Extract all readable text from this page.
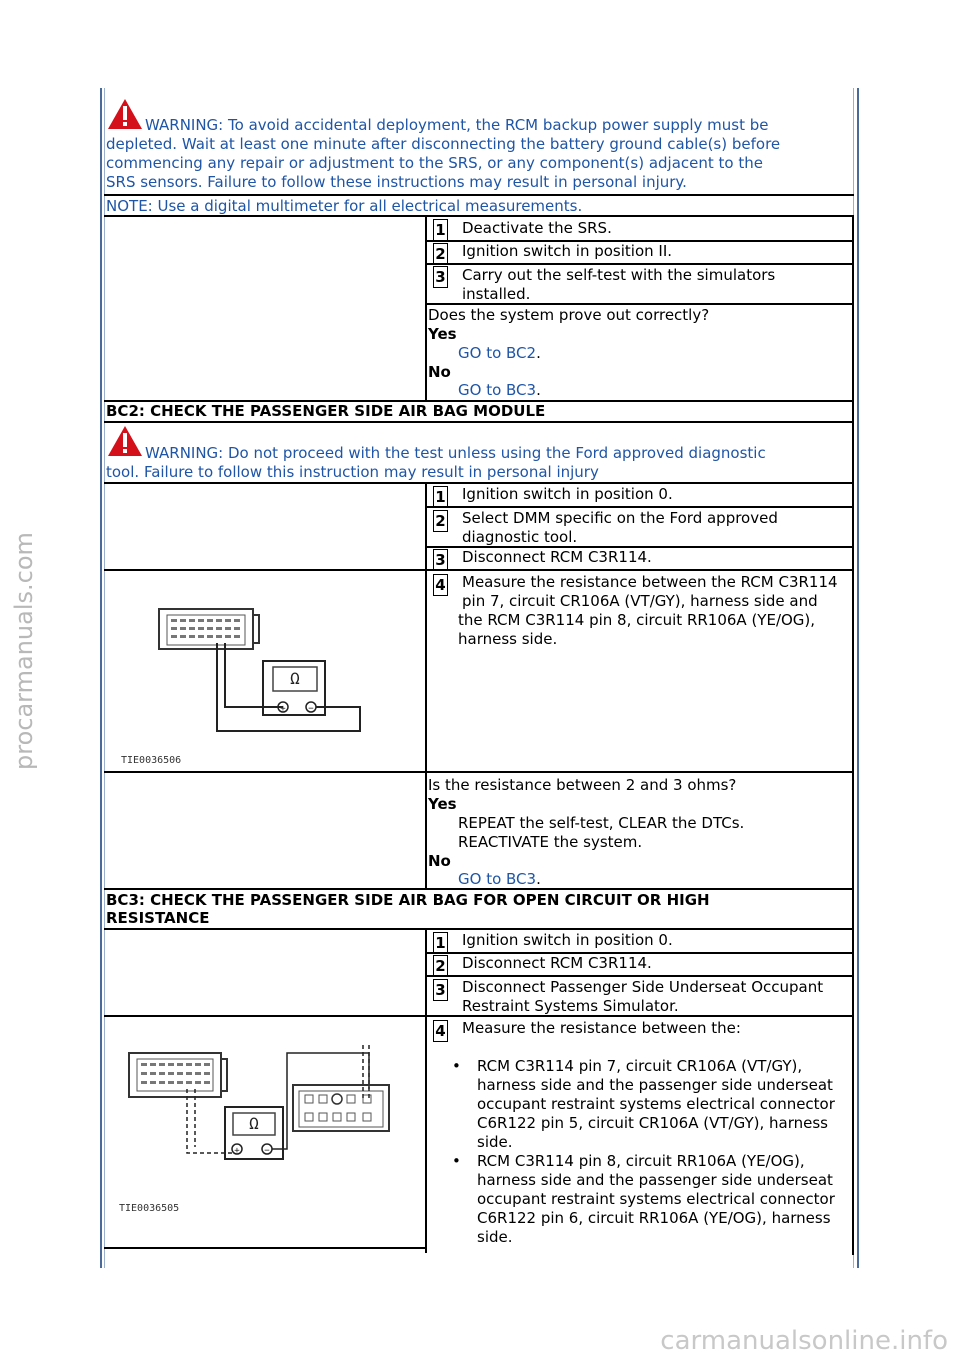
procarmanuals.com
WARNING: To avoid accidental deployment, the RCM backup power supply must be
depleted. Wait at least one minute after disconnecting the battery ground cable(s) before
commencing any repair or adjustment to the SRS, or any component(s) adjacent to the
SRS sensors. Failure to follow these instructions may result in personal injury.
NOTE: Use a digital multimeter for all electrical measurements.
1 Deactivate the SRS.
2 Ignition switch in position II.
3 Carry out the self-test with the simulators
installed.
Does the system prove out correctly?
Yes
GO to BC2.
No
GO to BC3.
BC2: CHECK THE PASSENGER SIDE AIR BAG MODULE
WARNING: Do not proceed with the test unless using the Ford approved diagnostic
tool. Failure to follow this instruction may result in personal injury
1 Ignition switch in position 0.
2 Select DMM specific on the Ford approved
diagnostic tool.
3 Disconnect RCM C3R114.
Ω
+	−
TIE0036506
4 Measure the resistance between the RCM C3R114
pin 7, circuit CR106A (VT/GY), harness side and
the RCM C3R114 pin 8, circuit RR106A (YE/OG),
harness side.
Is the resistance between 2 and 3 ohms?
Yes
REPEAT the self-test, CLEAR the DTCs.
REACTIVATE the system.
No
GO to BC3.
BC3: CHECK THE PASSENGER SIDE AIR BAG FOR OPEN CIRCUIT OR HIGH
RESISTANCE
1 Ignition switch in position 0.
2 Disconnect RCM C3R114.
3 Disconnect Passenger Side Underseat Occupant
Restraint Systems Simulator.
Ω
+	−
TIE0036505
4 Measure the resistance between the:
• RCM C3R114 pin 7, circuit CR106A (VT/GY),
harness side and the passenger side underseat
occupant restraint systems electrical connector
C6R122 pin 5, circuit CR106A (VT/GY), harness
side.
• RCM C3R114 pin 8, circuit RR106A (YE/OG),
harness side and the passenger side underseat
occupant restraint systems electrical connector
C6R122 pin 6, circuit RR106A (YE/OG), harness
side.
carmanualsonline.info
